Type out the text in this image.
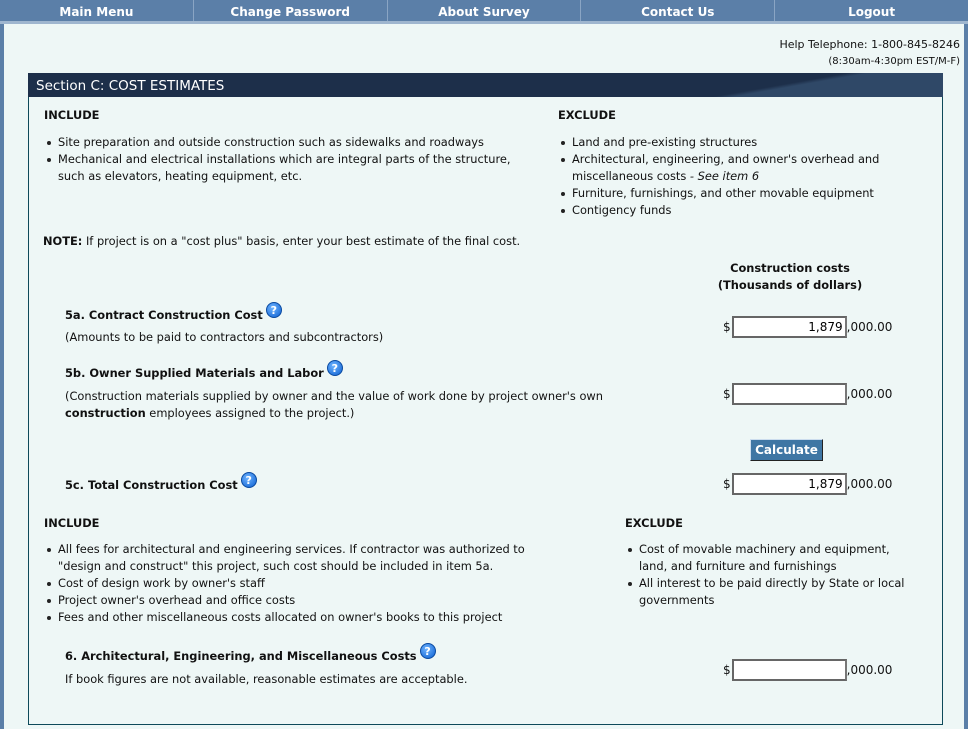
Main Menu	Change Password	About Survey	Contact Us	Logout
Help Telephone: 1-800-845-8246
(8:30am-4:30pm EST/M-F)
Section C: COST ESTIMATES
INCLUDE
Site preparation and outside construction such as sidewalks and roadways
Mechanical and electrical installations which are integral parts of the structure,
such as elevators, heating equipment, etc.
EXCLUDE
Land and pre-existing structures
Architectural, engineering, and owner's overhead and
miscellaneous costs - See item 6
Furniture, furnishings, and other movable equipment
Contigency funds
NOTE: If project is on a "cost plus" basis, enter your best estimate of the final cost.
Construction costs
(Thousands of dollars)
5a. Contract Construction Cost ?
(Amounts to be paid to contractors and subcontractors)
$
1,879	,000.00
5b. Owner Supplied Materials and Labor ?
(Construction materials supplied by owner and the value of work done by project owner's own
construction employees assigned to the project.)
$	,000.00
Calculate
5c. Total Construction Cost ?	$
1,879	,000.00
INCLUDE
All fees for architectural and engineering services. If contractor was authorized to
"design and construct" this project, such cost should be included in item 5a.
Cost of design work by owner's staff
Project owner's overhead and office costs
Fees and other miscellaneous costs allocated on owner's books to this project
EXCLUDE
Cost of movable machinery and equipment,
land, and furniture and furnishings
All interest to be paid directly by State or local
governments
6. Architectural, Engineering, and Miscellaneous Costs ?
If book figures are not available, reasonable estimates are acceptable.
$	,000.00
